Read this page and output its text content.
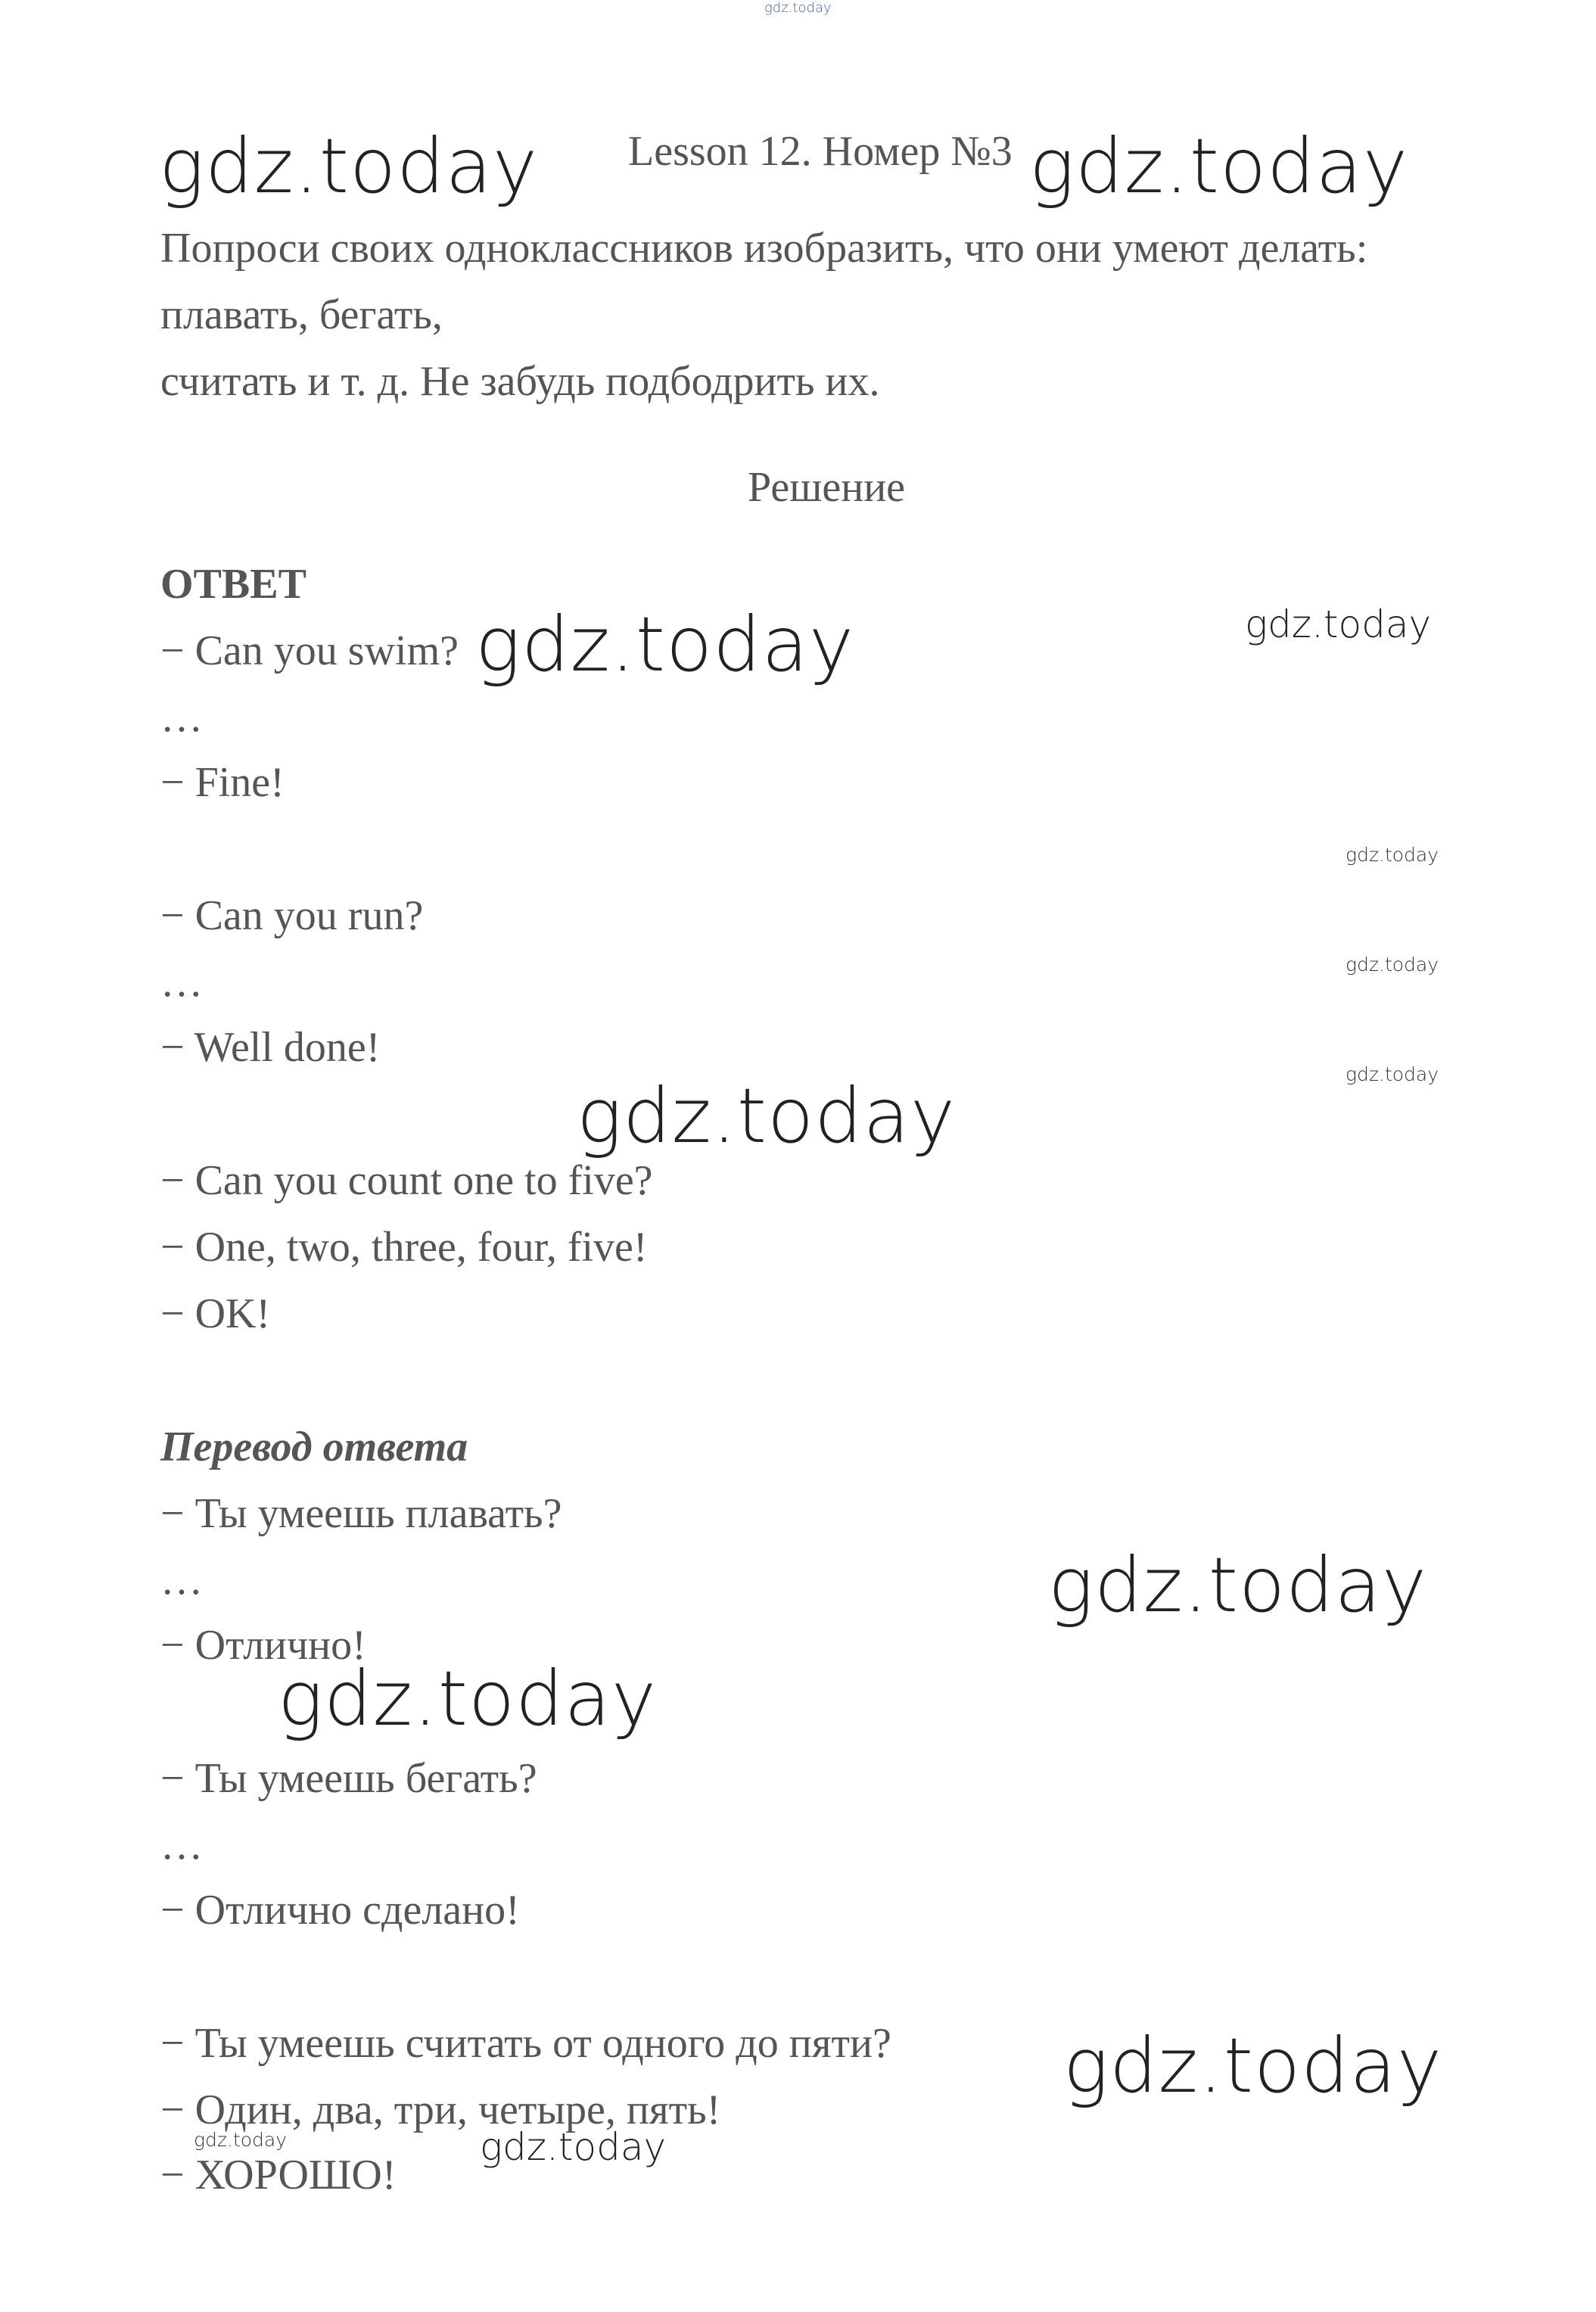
Lesson 12. Номер №3
Попроси своих одноклассников изобразить, что они умеют делать:
плавать, бегать,
считать и т. д. Не забудь подбодрить их.
Решение
ОТВЕТ
− Can you swim?
…
− Fine!
− Can you run?
…
− Well done!
− Can you count one to five?
− One, two, three, four, five!
− OK!
Перевод ответа
− Ты умеешь плавать?
…
− Отлично!
− Ты умеешь бегать?
…
− Отлично сделано!
− Ты умеешь считать от одного до пяти?
− Один, два, три, четыре, пять!
− ХОРОШО!
gdz.today
gdz.today	gdz.today
gdz.today
gdz.today
gdz.today
gdz.today
gdz.today
gdz.today
gdz.today
gdz.today
gdz.today
gdz.today	gdz.today
